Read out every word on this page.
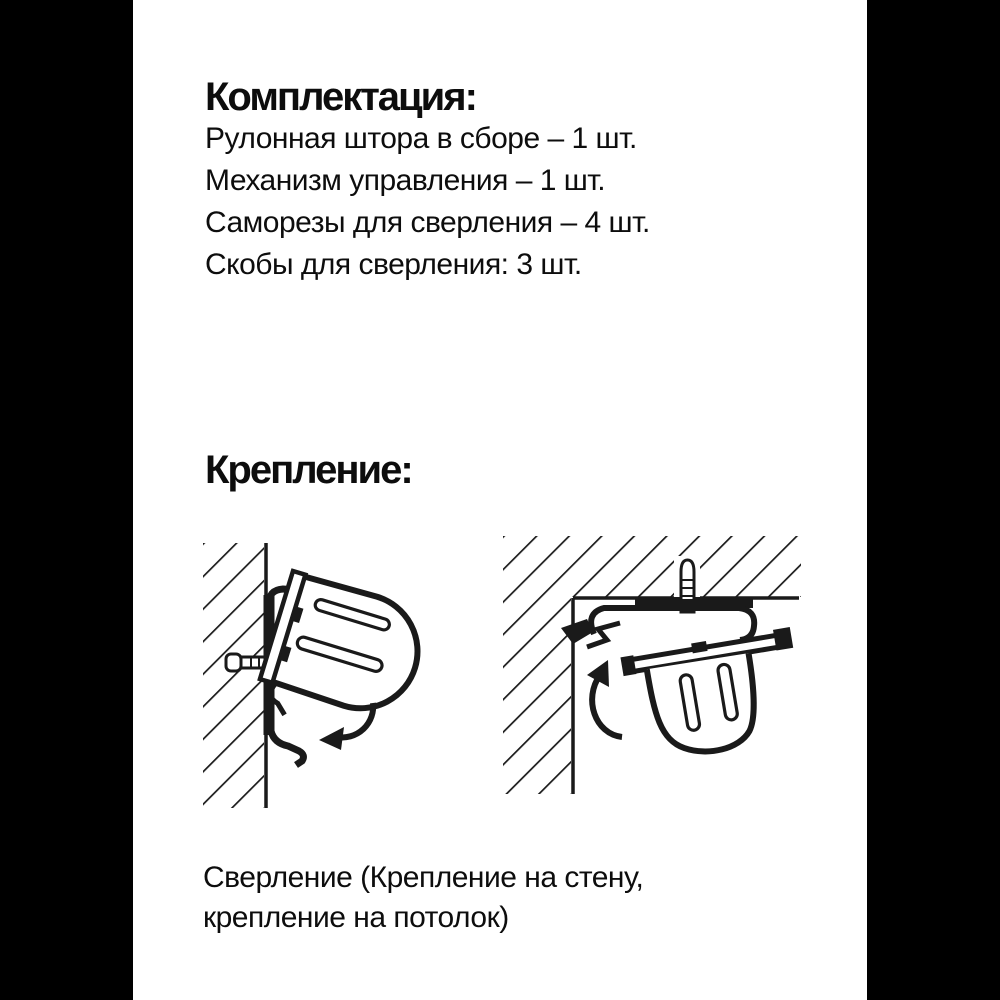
Комплектация:
Рулонная штора в сборе – 1 шт.
Механизм управления – 1 шт.
Саморезы для сверления – 4 шт.
Скобы для сверления: 3 шт.
Крепление:
Сверление (Крепление на стену,
крепление на потолок)
